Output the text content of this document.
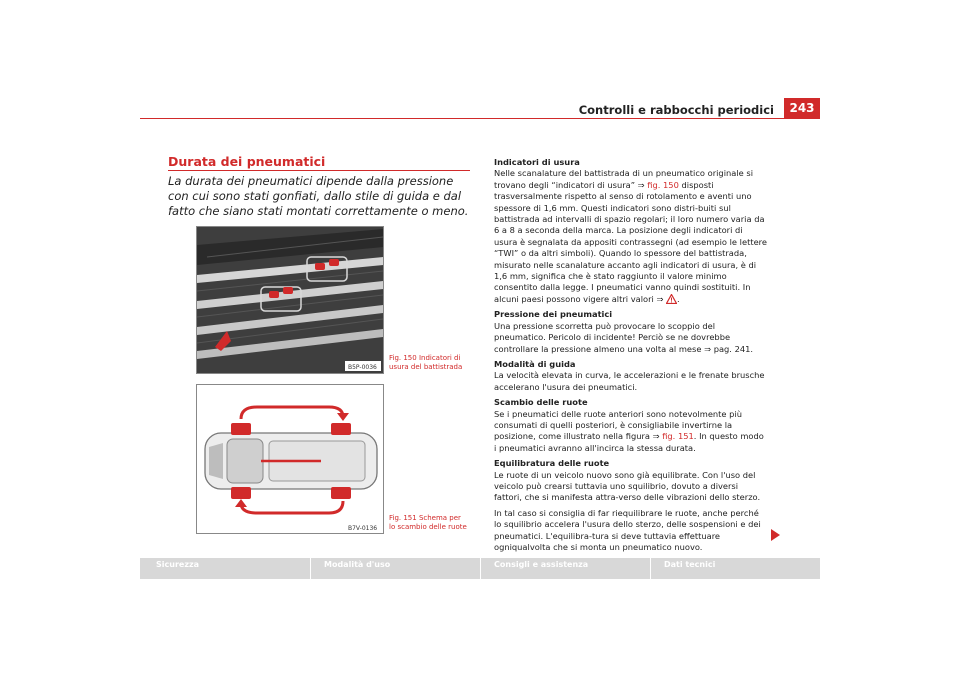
Controlli e rabbocchi periodici	243
Durata dei pneumatici
La durata dei pneumatici dipende dalla pressione con cui sono stati gonfiati, dallo stile di guida e dal fatto che siano stati montati correttamente o meno.
B5P-0036
Fig. 150 Indicatori di usura del battistrada
B7V-0136
Fig. 151 Schema per lo scambio delle ruote

Indicatori di usura

Nelle scanalature del battistrada di un pneumatico originale si trovano degli “indicatori di usura” ⇒ fig. 150 disposti trasversalmente rispetto al senso di rotolamento e aventi uno spessore di 1,6 mm. Questi indicatori sono distri-buiti sul battistrada ad intervalli di spazio regolari; il loro numero varia da 6 a 8 a seconda della marca. La posizione degli indicatori di usura è segnalata da appositi contrassegni (ad esempio le lettere “TWI” o da altri simboli). Quando lo spessore del battistrada, misurato nelle scanalature accanto agli indicatori di usura, è di 1,6 mm, significa che è stato raggiunto il valore minimo consentito dalla legge. I pneumatici vanno quindi sostituiti. In alcuni paesi possono vigere altri valori ⇒ .

Pressione dei pneumatici

Una pressione scorretta può provocare lo scoppio del pneumatico. Pericolo di incidente! Perciò se ne dovrebbe controllare la pressione almeno una volta al mese ⇒ pag. 241.

Modalità di guida

La velocità elevata in curva, le accelerazioni e le frenate brusche accelerano l'usura dei pneumatici.

Scambio delle ruote

Se i pneumatici delle ruote anteriori sono notevolmente più consumati di quelli posteriori, è consigliabile invertirne la posizione, come illustrato nella figura ⇒ fig. 151. In questo modo i pneumatici avranno all'incirca la stessa durata.

Equilibratura delle ruote

Le ruote di un veicolo nuovo sono già equilibrate. Con l'uso del veicolo può crearsi tuttavia uno squilibrio, dovuto a diversi fattori, che si manifesta attra-verso delle vibrazioni dello sterzo.

In tal caso si consiglia di far riequilibrare le ruote, anche perché lo squilibrio accelera l'usura dello sterzo, delle sospensioni e dei pneumatici. L'equilibra-tura si deve tuttavia effettuare ogniqualvolta che si monta un pneumatico nuovo.

Sicurezza	Modalità d'uso	Consigli e assistenza	Dati tecnici
